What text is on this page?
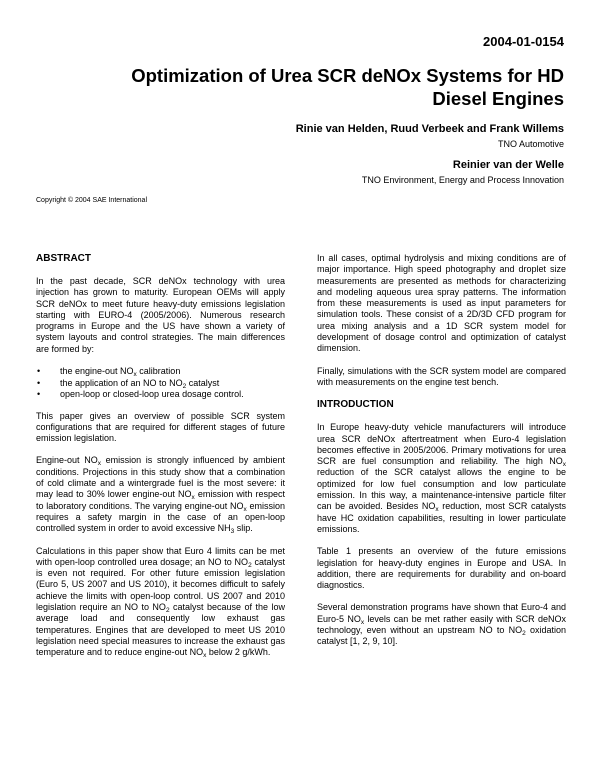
2004-01-0154
Optimization of Urea SCR deNOx Systems for HD Diesel Engines
Rinie van Helden, Ruud Verbeek and Frank Willems
TNO Automotive
Reinier van der Welle
TNO Environment, Energy and Process Innovation
Copyright © 2004 SAE International
ABSTRACT

In the past decade, SCR deNOx technology with urea injection has grown to maturity. European OEMs will apply SCR deNOx to meet future heavy-duty emissions legislation starting with EURO-4 (2005/2006). Numerous research programs in Europe and the US have shown a variety of system layouts and control strategies. The main differences are formed by:

• the engine-out $NO_x$ calibration
• the application of an NO to $NO_2$ catalyst
• open-loop or closed-loop urea dosage control.

This paper gives an overview of possible SCR system configurations that are required for different stages of future emission legislation.

Engine-out $NO_x$ emission is strongly influenced by ambient conditions. Projections in this study show that a combination of cold climate and a wintergrade fuel is the most severe: it may lead to 30% lower engine-out $NO_x$ emission with respect to laboratory conditions. The varying engine-out $NO_x$ emission requires a safety margin in the case of an open-loop controlled system in order to avoid excessive $NH_3$ slip.

Calculations in this paper show that Euro 4 limits can be met with open-loop controlled urea dosage; an NO to $NO_2$ catalyst is even not required. For other future emission legislation (Euro 5, US 2007 and US 2010), it becomes difficult to safely achieve the limits with open-loop control. US 2007 and 2010 legislation require an NO to $NO_2$ catalyst because of the low average load and consequently low exhaust gas temperatures. Engines that are developed to meet US 2010 legislation need special measures to increase the exhaust gas temperature and to reduce engine-out $NO_x$ below 2 g/kWh.

In all cases, optimal hydrolysis and mixing conditions are of major importance. High speed photography and droplet size measurements are presented as methods for characterizing and modeling aqueous urea spray patterns. The information from these measurements is used as input parameters for simulation tools. These consist of a 2D/3D CFD program for urea mixing analysis and a 1D SCR system model for development of dosage control and optimization of catalyst dimension.

Finally, simulations with the SCR system model are compared with measurements on the engine test bench.

INTRODUCTION

In Europe heavy-duty vehicle manufacturers will introduce urea SCR deNOx aftertreatment when Euro-4 legislation becomes effective in 2005/2006. Primary motivations for urea SCR are fuel consumption and reliability. The high $NO_x$ reduction of the SCR catalyst allows the engine to be optimized for low fuel consumption and low particulate emission. In this way, a maintenance-intensive particle filter can be avoided. Besides $NO_x$ reduction, most SCR catalysts have HC oxidation capabilities, resulting in lower particulate emissions.

Table 1 presents an overview of the future emissions legislation for heavy-duty engines in Europe and USA. In addition, there are requirements for durability and on-board diagnostics.

Several demonstration programs have shown that Euro-4 and Euro-5 $NO_x$ levels can be met rather easily with SCR deNOx technology, even without an upstream NO to $NO_2$ oxidation catalyst [1, 2, 9, 10].
